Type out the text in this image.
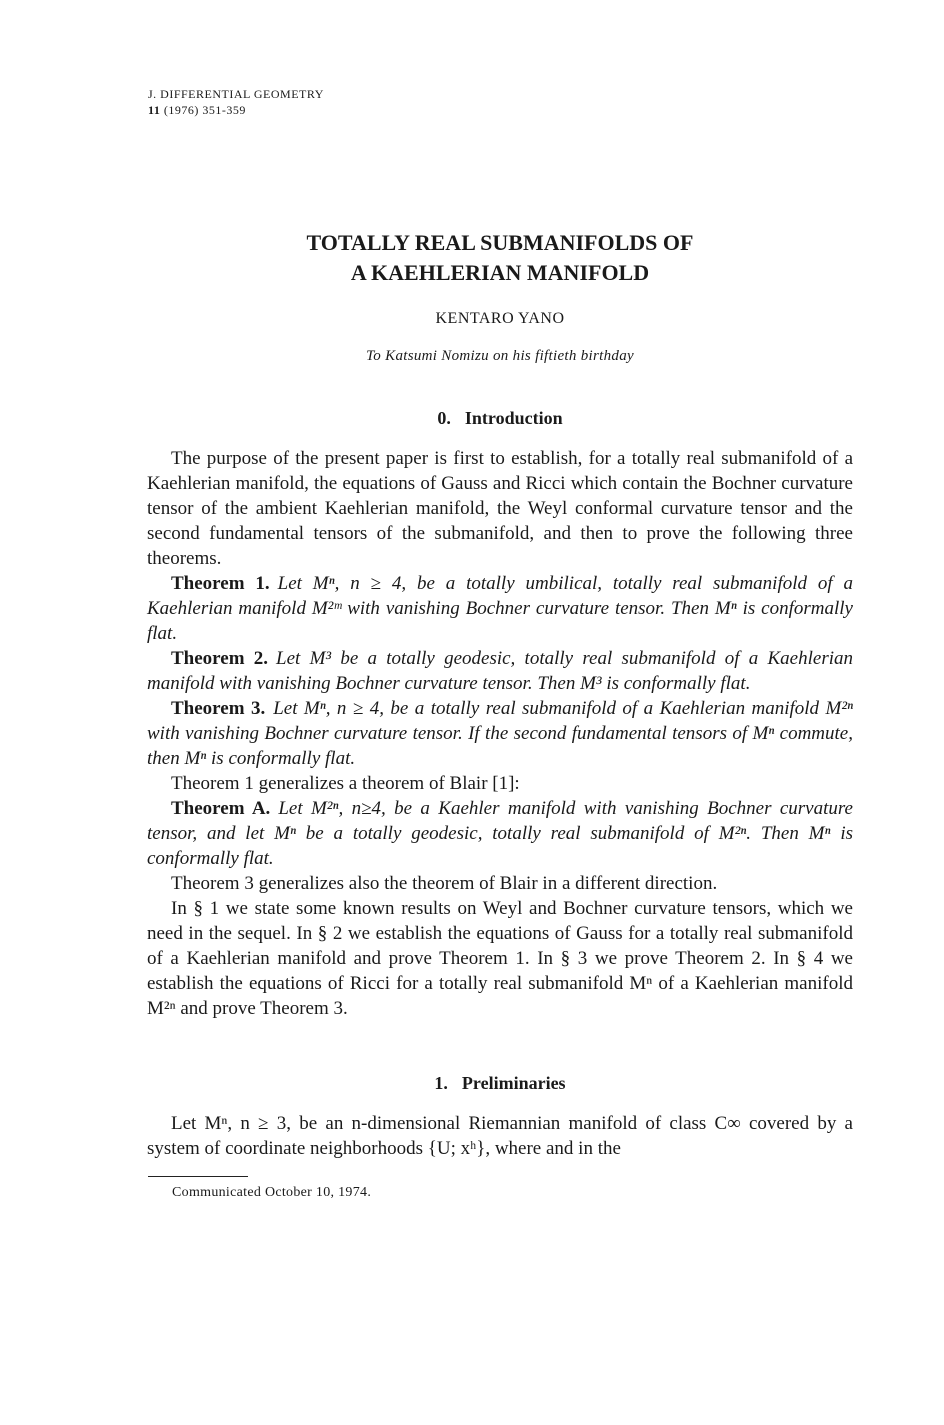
J. DIFFERENTIAL GEOMETRY
11 (1976) 351-359
TOTALLY REAL SUBMANIFOLDS OF
A KAEHLERIAN MANIFOLD
KENTARO YANO
To Katsumi Nomizu on his fiftieth birthday
0. Introduction

The purpose of the present paper is first to establish, for a totally real submanifold of a Kaehlerian manifold, the equations of Gauss and Ricci which contain the Bochner curvature tensor of the ambient Kaehlerian manifold, the Weyl conformal curvature tensor and the second fundamental tensors of the submanifold, and then to prove the following three theorems.

Theorem 1. Let Mⁿ, n ≥ 4, be a totally umbilical, totally real submanifold of a Kaehlerian manifold M²ᵐ with vanishing Bochner curvature tensor. Then Mⁿ is conformally flat.

Theorem 2. Let M³ be a totally geodesic, totally real submanifold of a Kaehlerian manifold with vanishing Bochner curvature tensor. Then M³ is conformally flat.

Theorem 3. Let Mⁿ, n ≥ 4, be a totally real submanifold of a Kaehlerian manifold M²ⁿ with vanishing Bochner curvature tensor. If the second fundamental tensors of Mⁿ commute, then Mⁿ is conformally flat.

Theorem 1 generalizes a theorem of Blair [1]:

Theorem A. Let M²ⁿ, n≥4, be a Kaehler manifold with vanishing Bochner curvature tensor, and let Mⁿ be a totally geodesic, totally real submanifold of M²ⁿ. Then Mⁿ is conformally flat.

Theorem 3 generalizes also the theorem of Blair in a different direction.

In § 1 we state some known results on Weyl and Bochner curvature tensors, which we need in the sequel. In § 2 we establish the equations of Gauss for a totally real submanifold of a Kaehlerian manifold and prove Theorem 1. In § 3 we prove Theorem 2. In § 4 we establish the equations of Ricci for a totally real submanifold Mⁿ of a Kaehlerian manifold M²ⁿ and prove Theorem 3.

1. Preliminaries

Let Mⁿ, n ≥ 3, be an n-dimensional Riemannian manifold of class C∞ covered by a system of coordinate neighborhoods {U; xʰ}, where and in the

Communicated October 10, 1974.
